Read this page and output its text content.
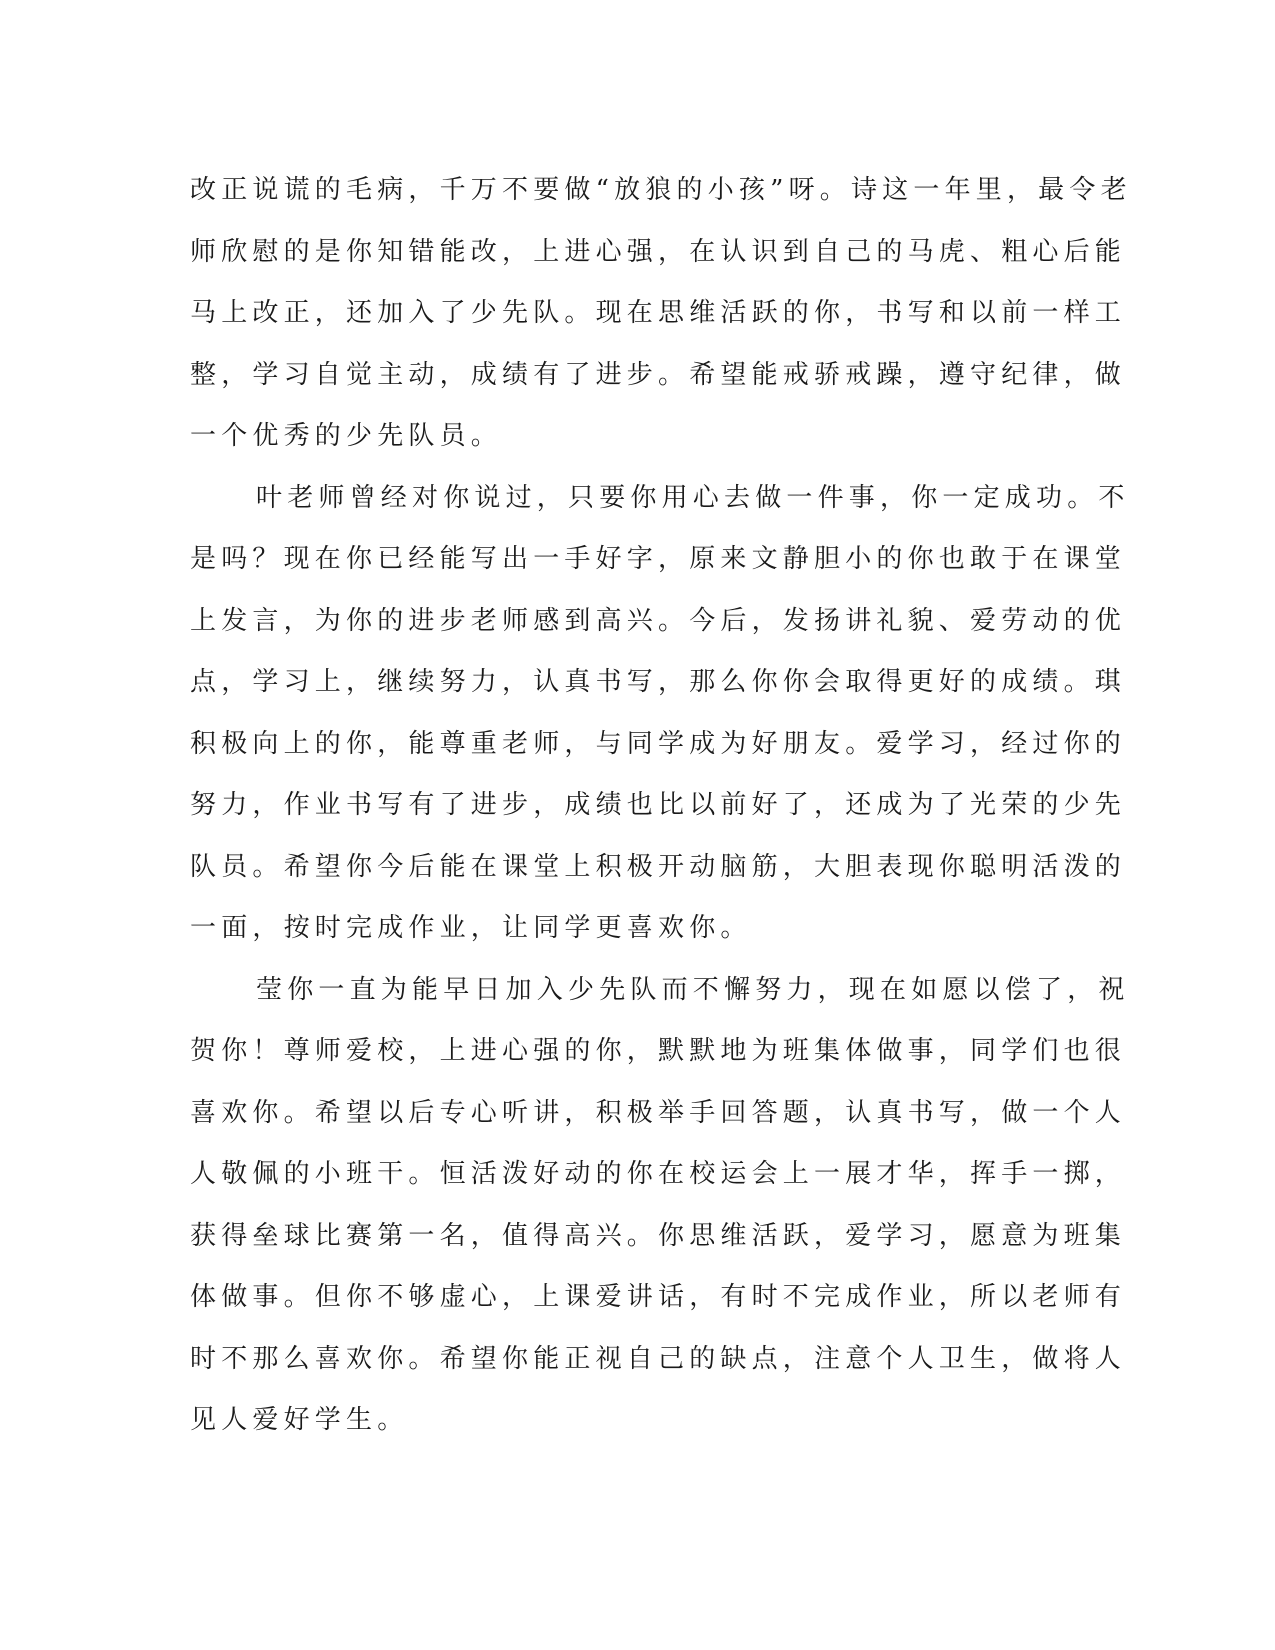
改正说谎的毛病，千万不要做“放狼的小孩”呀。诗这一年里，最令老
师欣慰的是你知错能改，上进心强，在认识到自己的马虎、粗心后能
马上改正，还加入了少先队。现在思维活跃的你，书写和以前一样工
整，学习自觉主动，成绩有了进步。希望能戒骄戒躁，遵守纪律，做
一个优秀的少先队员。
叶老师曾经对你说过，只要你用心去做一件事，你一定成功。不
是吗？现在你已经能写出一手好字，原来文静胆小的你也敢于在课堂
上发言，为你的进步老师感到高兴。今后，发扬讲礼貌、爱劳动的优
点，学习上，继续努力，认真书写，那么你你会取得更好的成绩。琪
积极向上的你，能尊重老师，与同学成为好朋友。爱学习，经过你的
努力，作业书写有了进步，成绩也比以前好了，还成为了光荣的少先
队员。希望你今后能在课堂上积极开动脑筋，大胆表现你聪明活泼的
一面，按时完成作业，让同学更喜欢你。
莹你一直为能早日加入少先队而不懈努力，现在如愿以偿了，祝
贺你！尊师爱校，上进心强的你，默默地为班集体做事，同学们也很
喜欢你。希望以后专心听讲，积极举手回答题，认真书写，做一个人
人敬佩的小班干。恒活泼好动的你在校运会上一展才华，挥手一掷，
获得垒球比赛第一名，值得高兴。你思维活跃，爱学习，愿意为班集
体做事。但你不够虚心，上课爱讲话，有时不完成作业，所以老师有
时不那么喜欢你。希望你能正视自己的缺点，注意个人卫生，做将人
见人爱好学生。
